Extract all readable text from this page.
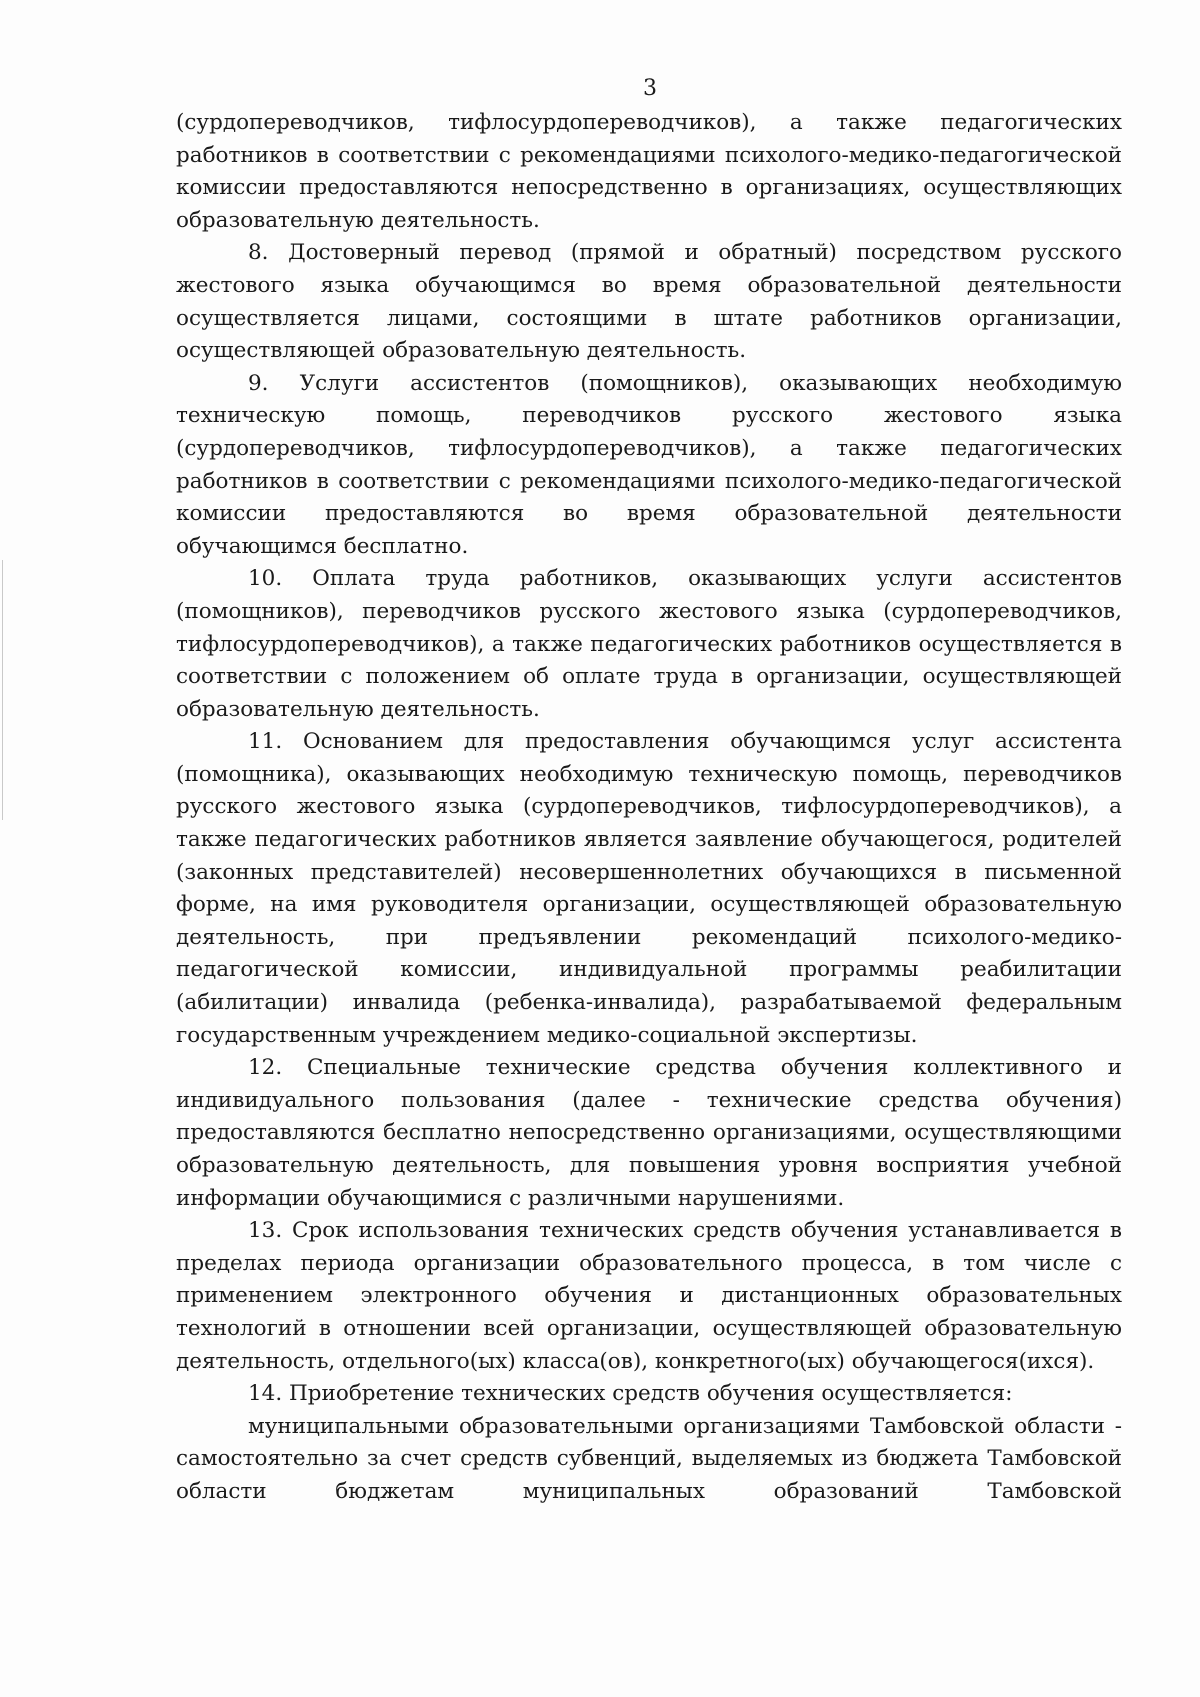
3

(сурдопереводчиков, тифлосурдопереводчиков), а также педагогических работников в соответствии с рекомендациями психолого-медико-педагогической комиссии предоставляются непосредственно в организациях, осуществляющих образовательную деятельность.

8. Достоверный перевод (прямой и обратный) посредством русского жестового языка обучающимся во время образовательной деятельности осуществляется лицами, состоящими в штате работников организации, осуществляющей образовательную деятельность.

9. Услуги ассистентов (помощников), оказывающих необходимую техническую помощь, переводчиков русского жестового языка (сурдопереводчиков, тифлосурдопереводчиков), а также педагогических работников в соответствии с рекомендациями психолого-медико-педагогической комиссии предоставляются во время образовательной деятельности обучающимся бесплатно.

10. Оплата труда работников, оказывающих услуги ассистентов (помощников), переводчиков русского жестового языка (сурдопереводчиков, тифлосурдопереводчиков), а также педагогических работников осуществляется в соответствии с положением об оплате труда в организации, осуществляющей образовательную деятельность.

11. Основанием для предоставления обучающимся услуг ассистента (помощника), оказывающих необходимую техническую помощь, переводчиков русского жестового языка (сурдопереводчиков, тифлосурдопереводчиков), а также педагогических работников является заявление обучающегося, родителей (законных представителей) несовершеннолетних обучающихся в письменной форме, на имя руководителя организации, осуществляющей образовательную деятельность, при предъявлении рекомендаций психолого-медико-педагогической комиссии, индивидуальной программы реабилитации (абилитации) инвалида (ребенка-инвалида), разрабатываемой федеральным государственным учреждением медико-социальной экспертизы.

12. Специальные технические средства обучения коллективного и индивидуального пользования (далее - технические средства обучения) предоставляются бесплатно непосредственно организациями, осуществляющими образовательную деятельность, для повышения уровня восприятия учебной информации обучающимися с различными нарушениями.

13. Срок использования технических средств обучения устанавливается в пределах периода организации образовательного процесса, в том числе с применением электронного обучения и дистанционных образовательных технологий в отношении всей организации, осуществляющей образовательную деятельность, отдельного(ых) класса(ов), конкретного(ых) обучающегося(ихся).

14. Приобретение технических средств обучения осуществляется:

муниципальными образовательными организациями Тамбовской области - самостоятельно за счет средств субвенций, выделяемых из бюджета Тамбовской области бюджетам муниципальных образований Тамбовской
